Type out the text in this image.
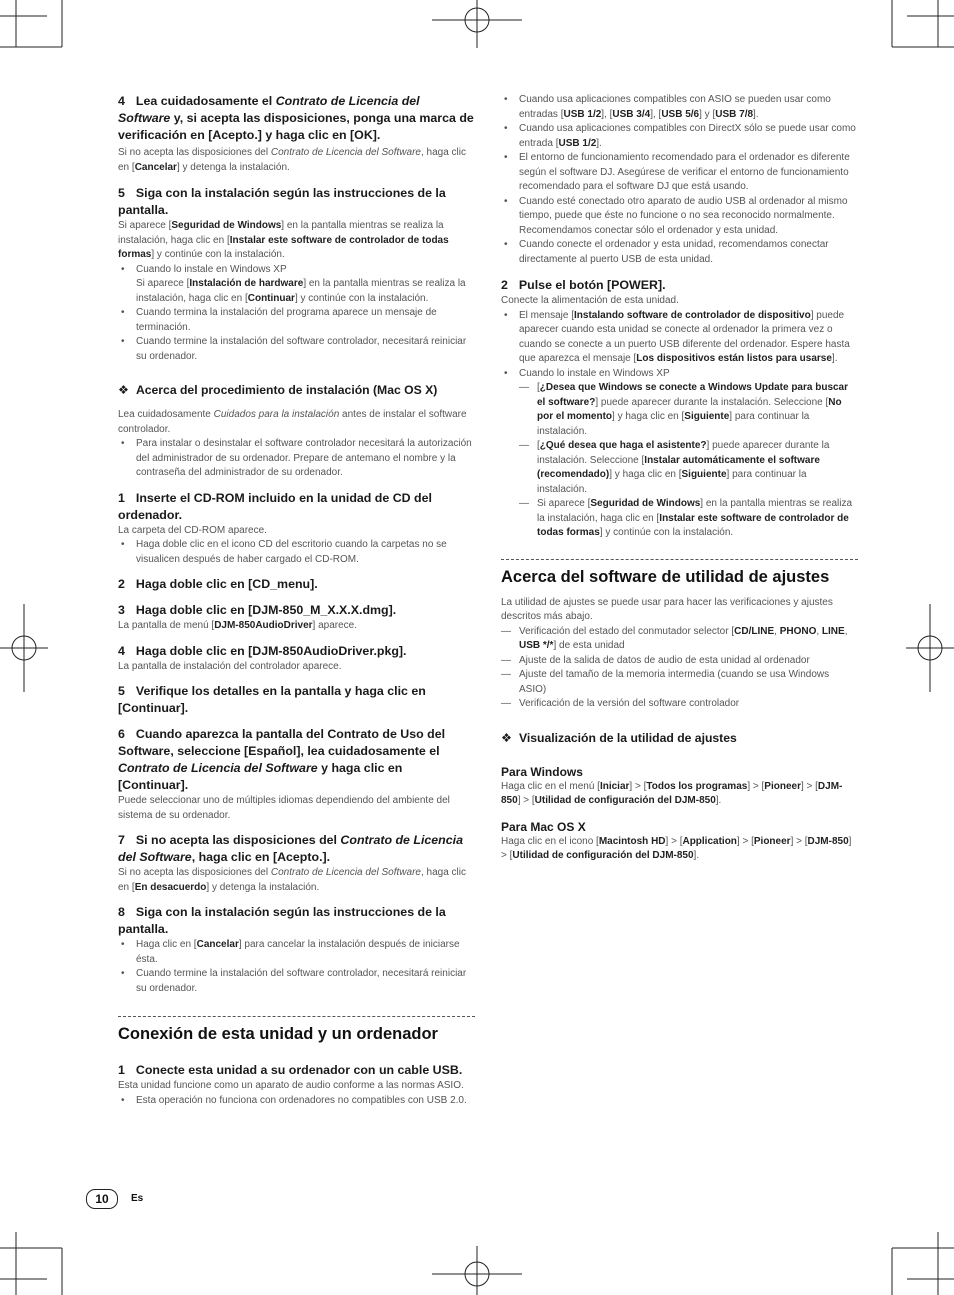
4 Lea cuidadosamente el Contrato de Licencia del Software y, si acepta las disposiciones, ponga una marca de verificación en [Acepto.] y haga clic en [OK].

Si no acepta las disposiciones del Contrato de Licencia del Software, haga clic en [Cancelar] y detenga la instalación.

5 Siga con la instalación según las instrucciones de la pantalla.

Si aparece [Seguridad de Windows] en la pantalla mientras se realiza la instalación, haga clic en [Instalar este software de controlador de todas formas] y continúe con la instalación.

• Cuando lo instale en Windows XP

Si aparece [Instalación de hardware] en la pantalla mientras se realiza la instalación, haga clic en [Continuar] y continúe con la instalación.

• Cuando termina la instalación del programa aparece un mensaje de terminación.

• Cuando termine la instalación del software controlador, necesitará reiniciar su ordenador.

❖ Acerca del procedimiento de instalación (Mac OS X)

Lea cuidadosamente Cuidados para la instalación antes de instalar el software controlador.

• Para instalar o desinstalar el software controlador necesitará la autorización del administrador de su ordenador. Prepare de antemano el nombre y la contraseña del administrador de su ordenador.

1 Inserte el CD-ROM incluido en la unidad de CD del ordenador.

La carpeta del CD-ROM aparece.

• Haga doble clic en el icono CD del escritorio cuando la carpetas no se visualicen después de haber cargado el CD-ROM.

2 Haga doble clic en [CD_menu].

3 Haga doble clic en [DJM-850_M_X.X.X.dmg].

La pantalla de menú [DJM-850AudioDriver] aparece.

4 Haga doble clic en [DJM-850AudioDriver.pkg].

La pantalla de instalación del controlador aparece.

5 Verifique los detalles en la pantalla y haga clic en [Continuar].

6 Cuando aparezca la pantalla del Contrato de Uso del Software, seleccione [Español], lea cuidadosamente el Contrato de Licencia del Software y haga clic en [Continuar].

Puede seleccionar uno de múltiples idiomas dependiendo del ambiente del sistema de su ordenador.

7 Si no acepta las disposiciones del Contrato de Licencia del Software, haga clic en [Acepto.].

Si no acepta las disposiciones del Contrato de Licencia del Software, haga clic en [En desacuerdo] y detenga la instalación.

8 Siga con la instalación según las instrucciones de la pantalla.

• Haga clic en [Cancelar] para cancelar la instalación después de iniciarse ésta.

• Cuando termine la instalación del software controlador, necesitará reiniciar su ordenador.

Conexión de esta unidad y un ordenador

1 Conecte esta unidad a su ordenador con un cable USB.

Esta unidad funcione como un aparato de audio conforme a las normas ASIO.

• Esta operación no funciona con ordenadores no compatibles con USB 2.0.

• Cuando usa aplicaciones compatibles con ASIO se pueden usar como entradas [USB 1/2], [USB 3/4], [USB 5/6] y [USB 7/8].

• Cuando usa aplicaciones compatibles con DirectX sólo se puede usar como entrada [USB 1/2].

• El entorno de funcionamiento recomendado para el ordenador es diferente según el software DJ. Asegúrese de verificar el entorno de funcionamiento recomendado para el software DJ que está usando.

• Cuando esté conectado otro aparato de audio USB al ordenador al mismo tiempo, puede que éste no funcione o no sea reconocido normalmente.

Recomendamos conectar sólo el ordenador y esta unidad.

• Cuando conecte el ordenador y esta unidad, recomendamos conectar directamente al puerto USB de esta unidad.

2 Pulse el botón [POWER].

Conecte la alimentación de esta unidad.

• El mensaje [Instalando software de controlador de dispositivo] puede aparecer cuando esta unidad se conecte al ordenador la primera vez o cuando se conecte a un puerto USB diferente del ordenador. Espere hasta que aparezca el mensaje [Los dispositivos están listos para usarse].

• Cuando lo instale en Windows XP

— [¿Desea que Windows se conecte a Windows Update para buscar el software?] puede aparecer durante la instalación. Seleccione [No por el momento] y haga clic en [Siguiente] para continuar la instalación.

— [¿Qué desea que haga el asistente?] puede aparecer durante la instalación. Seleccione [Instalar automáticamente el software (recomendado)] y haga clic en [Siguiente] para continuar la instalación.

— Si aparece [Seguridad de Windows] en la pantalla mientras se realiza la instalación, haga clic en [Instalar este software de controlador de todas formas] y continúe con la instalación.

Acerca del software de utilidad de ajustes

La utilidad de ajustes se puede usar para hacer las verificaciones y ajustes descritos más abajo.

— Verificación del estado del conmutador selector [CD/LINE, PHONO, LINE, USB */*] de esta unidad

— Ajuste de la salida de datos de audio de esta unidad al ordenador

— Ajuste del tamaño de la memoria intermedia (cuando se usa Windows ASIO)

— Verificación de la versión del software controlador

❖ Visualización de la utilidad de ajustes

Para Windows

Haga clic en el menú [Iniciar] > [Todos los programas] > [Pioneer] > [DJM-850] > [Utilidad de configuración del DJM-850].

Para Mac OS X

Haga clic en el icono [Macintosh HD] > [Application] > [Pioneer] > [DJM-850] > [Utilidad de configuración del DJM-850].

10	Es
